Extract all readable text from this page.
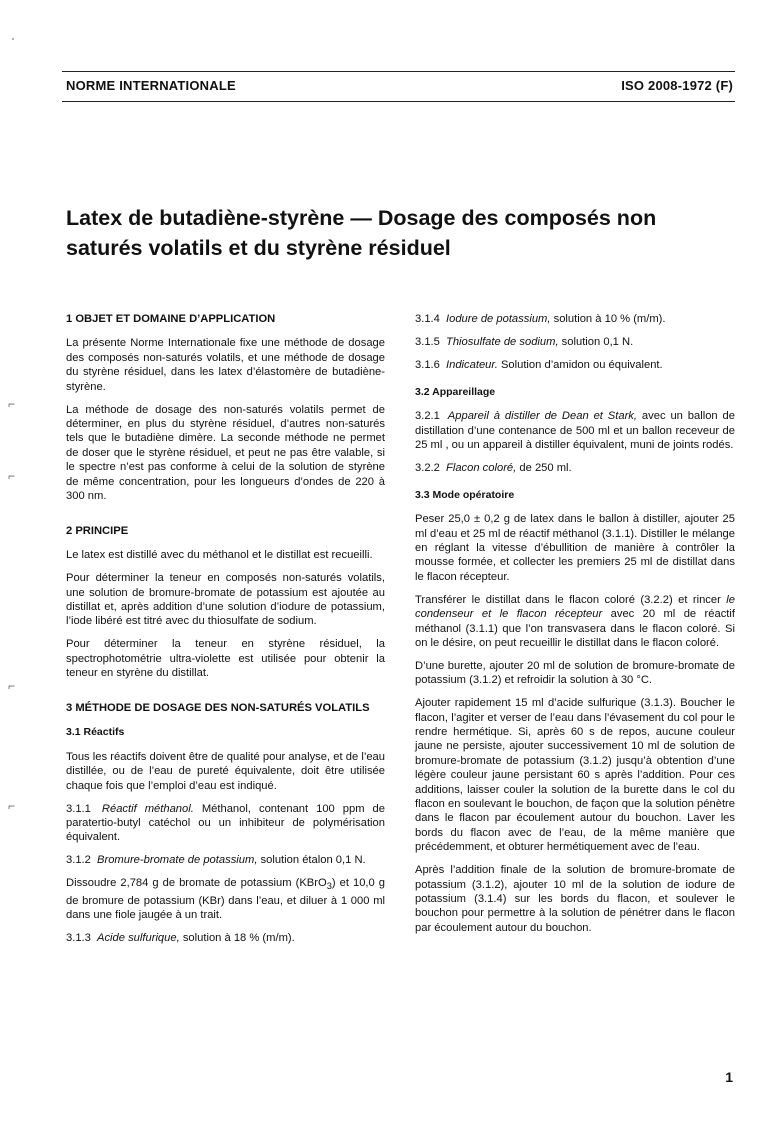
⌐
⌐
⌐
⌐
NORME INTERNATIONALE	ISO 2008-1972 (F)
Latex de butadiène-styrène — Dosage des composés non saturés volatils et du styrène résiduel
1 OBJET ET DOMAINE D’APPLICATION

La présente Norme Internationale fixe une méthode de dosage des composés non-saturés volatils, et une méthode de dosage du styrène résiduel, dans les latex d’élastomère de butadiène-styrène.

La méthode de dosage des non-saturés volatils permet de déterminer, en plus du styrène résiduel, d’autres non-saturés tels que le butadiène dimère. La seconde méthode ne permet de doser que le styrène résiduel, et peut ne pas être valable, si le spectre n’est pas conforme à celui de la solution de styrène de même concentration, pour les longueurs d’ondes de 220 à 300 nm.

2 PRINCIPE

Le latex est distillé avec du méthanol et le distillat est recueilli.

Pour déterminer la teneur en composés non-saturés volatils, une solution de bromure-bromate de potassium est ajoutée au distillat et, après addition d’une solution d’iodure de potassium, l’iode libéré est titré avec du thiosulfate de sodium.

Pour déterminer la teneur en styrène résiduel, la spectrophotométrie ultra-violette est utilisée pour obtenir la teneur en styrène du distillat.

3 MÉTHODE DE DOSAGE DES NON-SATURÉS VOLATILS
3.1 Réactifs

Tous les réactifs doivent être de qualité pour analyse, et de l’eau distillée, ou de l’eau de pureté équivalente, doit être utilisée chaque fois que l’emploi d’eau est indiqué.

3.1.1 Réactif méthanol. Méthanol, contenant 100 ppm de paratertio-butyl catéchol ou un inhibiteur de polymérisation équivalent.

3.1.2 Bromure-bromate de potassium, solution étalon 0,1 N.

Dissoudre 2,784 g de bromate de potassium (KBrO$_3$) et 10,0 g de bromure de potassium (KBr) dans l’eau, et diluer à 1 000 ml dans une fiole jaugée à un trait.

3.1.3 Acide sulfurique, solution à 18 % (m/m).

3.1.4 Iodure de potassium, solution à 10 % (m/m).

3.1.5 Thiosulfate de sodium, solution 0,1 N.

3.1.6 Indicateur. Solution d’amidon ou équivalent.

3.2 Appareillage

3.2.1 Appareil à distiller de Dean et Stark, avec un ballon de distillation d’une contenance de 500 ml et un ballon receveur de 25 ml , ou un appareil à distiller équivalent, muni de joints rodés.

3.2.2 Flacon coloré, de 250 ml.

3.3 Mode opératoire

Peser 25,0 ± 0,2 g de latex dans le ballon à distiller, ajouter 25 ml d’eau et 25 ml de réactif méthanol (3.1.1). Distiller le mélange en réglant la vitesse d’ébullition de manière à contrôler la mousse formée, et collecter les premiers 25 ml de distillat dans le flacon récepteur.

Transférer le distillat dans le flacon coloré (3.2.2) et rincer le condenseur et le flacon récepteur avec 20 ml de réactif méthanol (3.1.1) que l’on transvasera dans le flacon coloré. Si on le désire, on peut recueillir le distillat dans le flacon coloré.

D’une burette, ajouter 20 ml de solution de bromure-bromate de potassium (3.1.2) et refroidir la solution à 30 °C.

Ajouter rapidement 15 ml d’acide sulfurique (3.1.3). Boucher le flacon, l’agiter et verser de l’eau dans l’évasement du col pour le rendre hermétique. Si, après 60 s de repos, aucune couleur jaune ne persiste, ajouter successivement 10 ml de solution de bromure-bromate de potassium (3.1.2) jusqu’à obtention d’une légère couleur jaune persistant 60 s après l’addition. Pour ces additions, laisser couler la solution de la burette dans le col du flacon en soulevant le bouchon, de façon que la solution pénètre dans le flacon par écoulement autour du bouchon. Laver les bords du flacon avec de l’eau, de la même manière que précédemment, et obturer hermétiquement avec de l’eau.

Après l’addition finale de la solution de bromure-bromate de potassium (3.1.2), ajouter 10 ml de la solution de iodure de potassium (3.1.4) sur les bords du flacon, et soulever le bouchon pour permettre à la solution de pénétrer dans le flacon par écoulement autour du bouchon.

1
